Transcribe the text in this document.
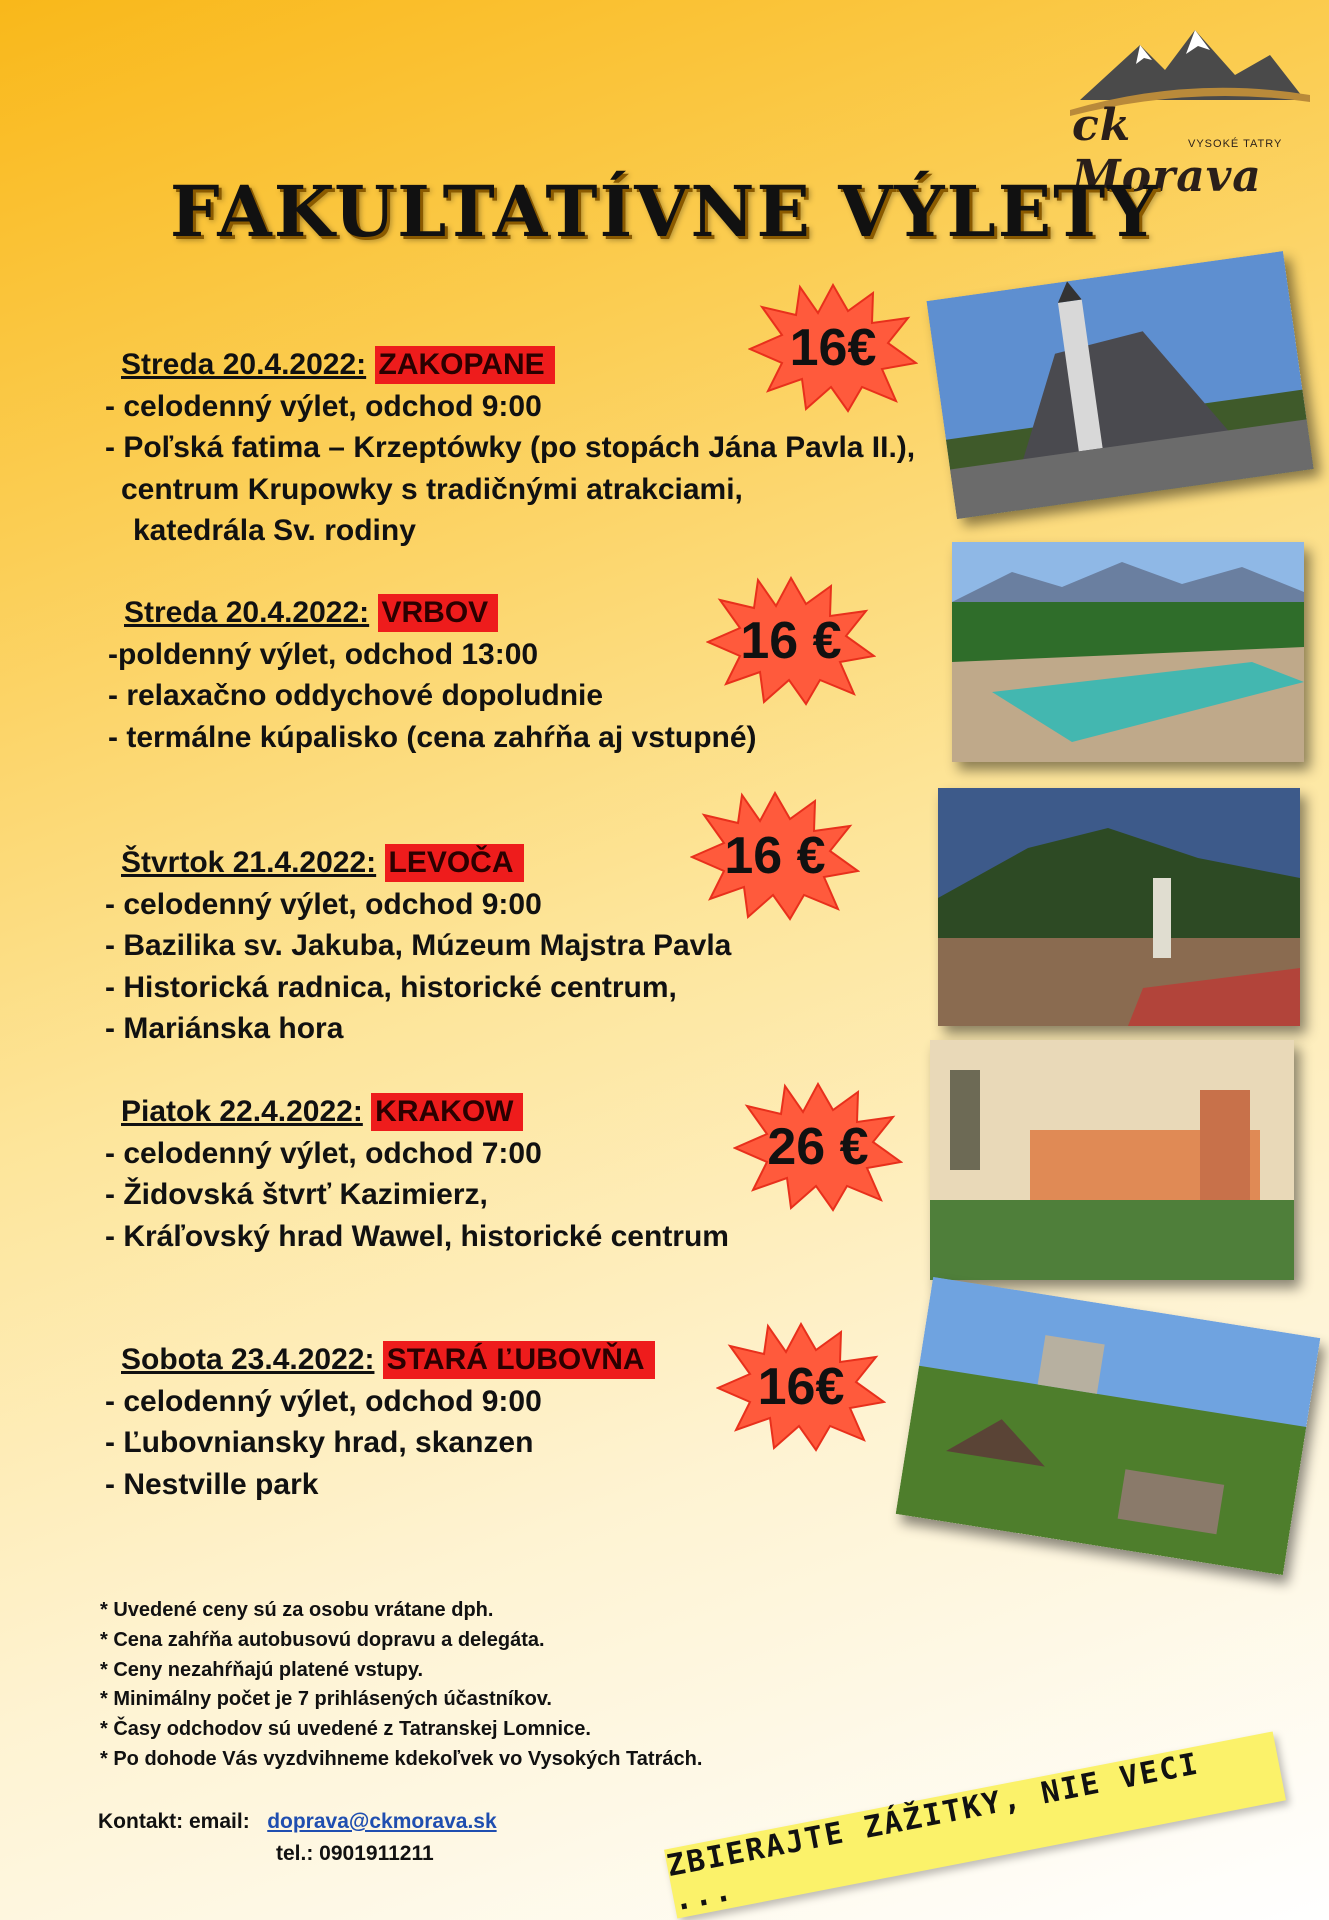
ck Morava
VYSOKÉ TATRY
FAKULTATÍVNE VÝLETY
Streda 20.4.2022: ZAKOPANE
- celodenný výlet, odchod 9:00
- Poľská fatima – Krzeptówky (po stopách Jána Pavla II.),
centrum Krupowky s tradičnými atrakciami,
katedrála Sv. rodiny
Streda 20.4.2022: VRBOV
-poldenný výlet, odchod 13:00
- relaxačno oddychové dopoludnie
- termálne kúpalisko (cena zahŕňa aj vstupné)
Štvrtok 21.4.2022: LEVOČA
- celodenný výlet, odchod 9:00
- Bazilika sv. Jakuba, Múzeum Majstra Pavla
- Historická radnica, historické centrum,
- Mariánska hora
Piatok 22.4.2022: KRAKOW
- celodenný výlet, odchod 7:00
- Židovská štvrť Kazimierz,
- Kráľovský hrad Wawel, historické centrum
Sobota 23.4.2022: STARÁ ĽUBOVŇA
- celodenný výlet, odchod 9:00
- Ľubovniansky hrad, skanzen
- Nestville park
16€
16 €
16 €
26 €
16€
* Uvedené ceny sú za osobu vrátane dph.
* Cena zahŕňa autobusovú dopravu a delegáta.
* Ceny nezahŕňajú platené vstupy.
* Minimálny počet je 7 prihlásených účastníkov.
* Časy odchodov sú uvedené z Tatranskej Lomnice.
* Po dohode Vás vyzdvihneme kdekoľvek vo Vysokých Tatrách.
Kontakt: email: doprava@ckmorava.sk
tel.: 0901911211	ZBIERAJTE ZÁŽITKY, NIE VECI ...
